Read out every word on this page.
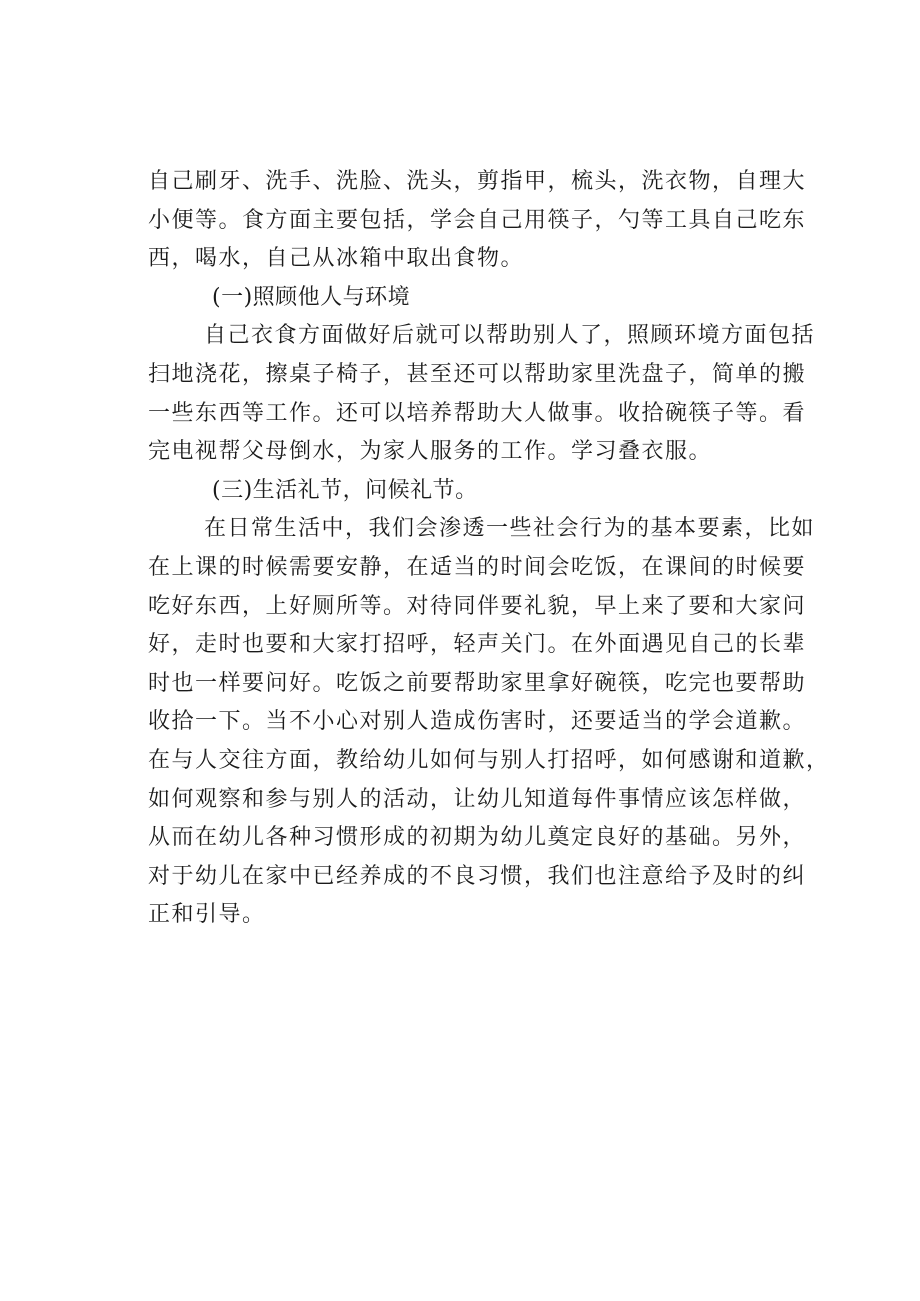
自己刷牙、洗手、洗脸、洗头，剪指甲，梳头，洗衣物，自理大
小便等。食方面主要包括，学会自己用筷子，勺等工具自己吃东
西，喝水，自己从冰箱中取出食物。
(一)照顾他人与环境
自己衣食方面做好后就可以帮助别人了，照顾环境方面包括
扫地浇花，擦桌子椅子，甚至还可以帮助家里洗盘子，简单的搬
一些东西等工作。还可以培养帮助大人做事。收拾碗筷子等。看
完电视帮父母倒水，为家人服务的工作。学习叠衣服。
(三)生活礼节，问候礼节。
在日常生活中，我们会渗透一些社会行为的基本要素，比如
在上课的时候需要安静，在适当的时间会吃饭，在课间的时候要
吃好东西，上好厕所等。对待同伴要礼貌，早上来了要和大家问
好，走时也要和大家打招呼，轻声关门。在外面遇见自己的长辈
时也一样要问好。吃饭之前要帮助家里拿好碗筷，吃完也要帮助
收拾一下。当不小心对别人造成伤害时，还要适当的学会道歉。
在与人交往方面，教给幼儿如何与别人打招呼，如何感谢和道歉，
如何观察和参与别人的活动，让幼儿知道每件事情应该怎样做，
从而在幼儿各种习惯形成的初期为幼儿奠定良好的基础。另外，
对于幼儿在家中已经养成的不良习惯，我们也注意给予及时的纠
正和引导。
